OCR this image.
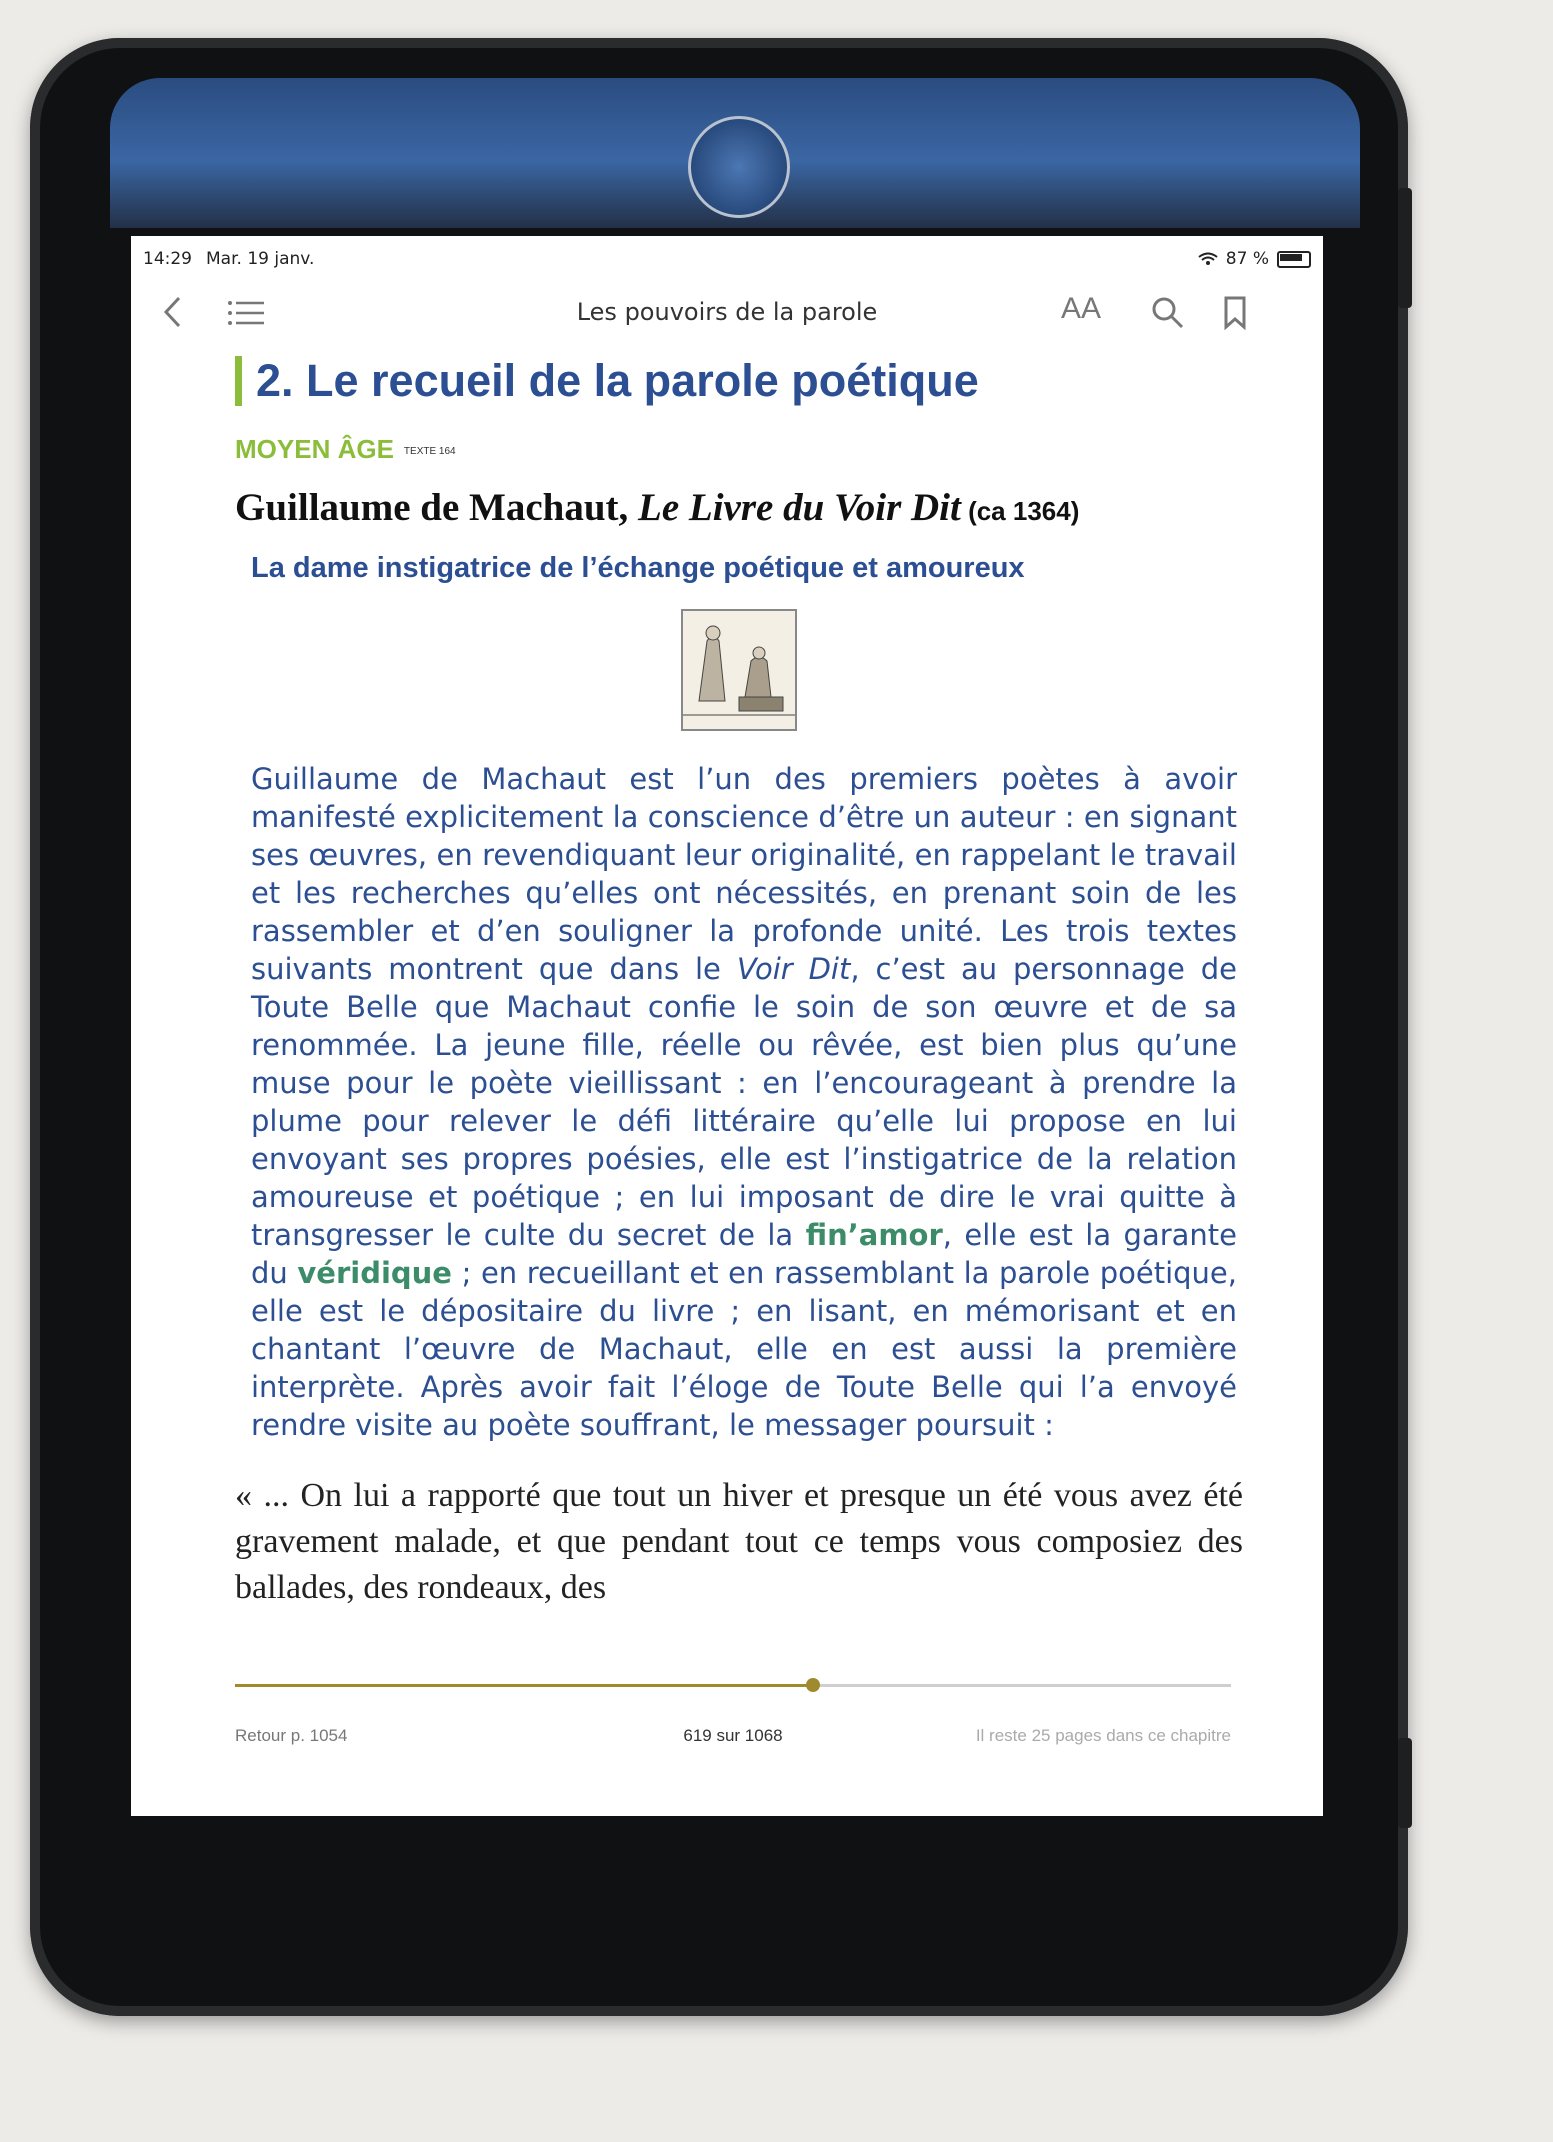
14:29 Mar. 19 janv.	87 %
Les pouvoirs de la parole	AA
2. Le recueil de la parole poétique
MOYEN ÂGE TEXTE 164
Guillaume de Machaut, Le Livre du Voir Dit (ca 1364)
La dame instigatrice de l’échange poétique et amoureux

Guillaume de Machaut est l’un des premiers poètes à avoir manifesté explicitement la conscience d’être un auteur : en signant ses œuvres, en revendiquant leur originalité, en rappelant le travail et les recherches qu’elles ont nécessités, en prenant soin de les rassembler et d’en souligner la profonde unité. Les trois textes suivants montrent que dans le Voir Dit, c’est au personnage de Toute Belle que Machaut confie le soin de son œuvre et de sa renommée. La jeune fille, réelle ou rêvée, est bien plus qu’une muse pour le poète vieillissant : en l’encourageant à prendre la plume pour relever le défi littéraire qu’elle lui propose en lui envoyant ses propres poésies, elle est l’instigatrice de la relation amoureuse et poétique ; en lui imposant de dire le vrai quitte à transgresser le culte du secret de la fin’amor, elle est la garante du véridique ; en recueillant et en rassemblant la parole poétique, elle est le dépositaire du livre ; en lisant, en mémorisant et en chantant l’œuvre de Machaut, elle en est aussi la première interprète. Après avoir fait l’éloge de Toute Belle qui l’a envoyé rendre visite au poète souffrant, le messager poursuit :

« ... On lui a rapporté que tout un hiver et presque un été vous avez été gravement malade, et que pendant tout ce temps vous composiez des ballades, des rondeaux, des

Retour p. 1054	619 sur 1068	Il reste 25 pages dans ce chapitre
